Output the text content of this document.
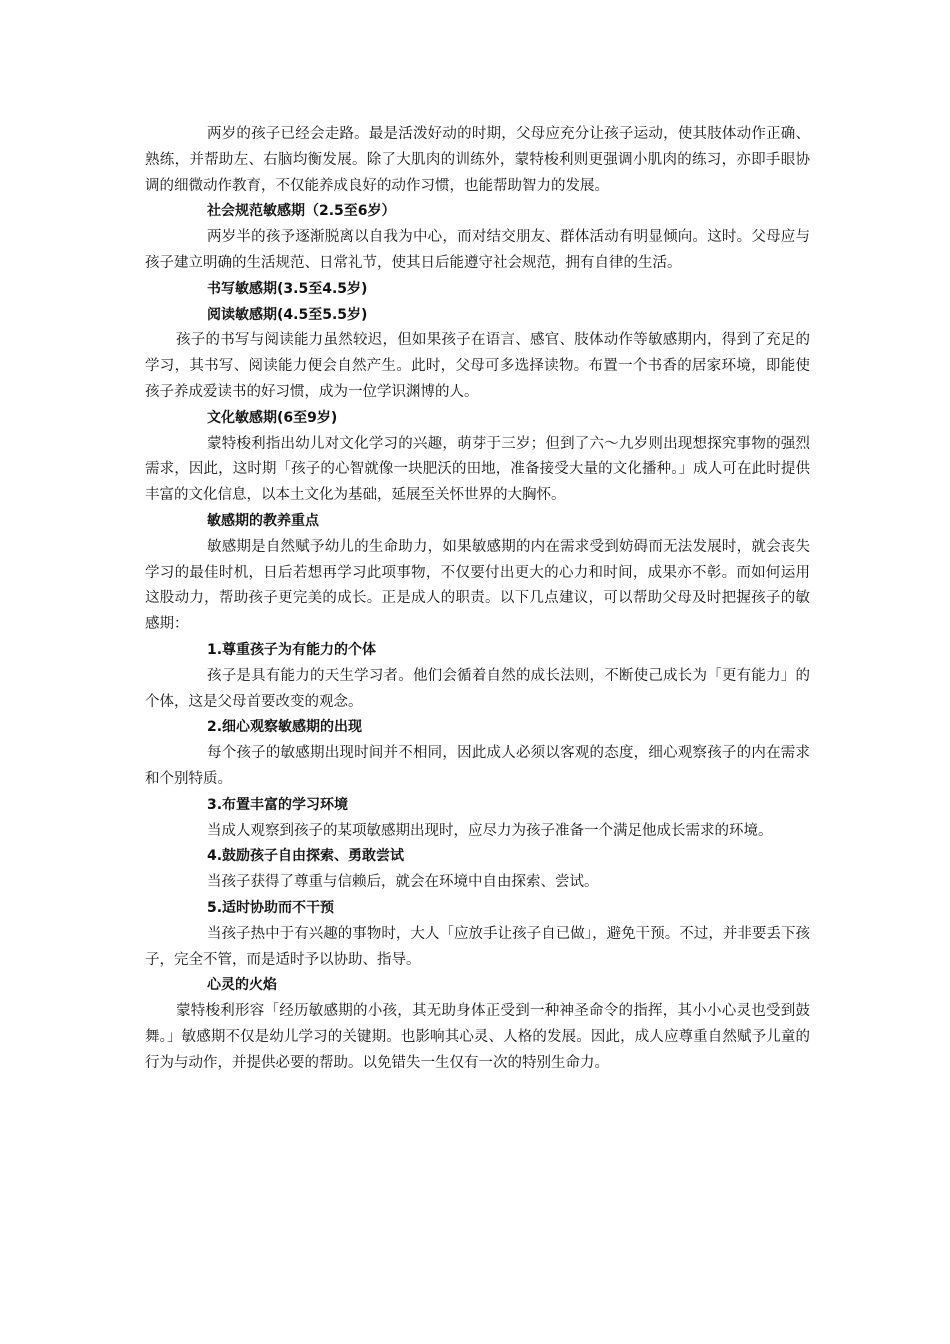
两岁的孩子已经会走路。最是活泼好动的时期，父母应充分让孩子运动，使其肢体动作正确、熟练，并帮助左、右脑均衡发展。除了大肌肉的训练外，蒙特梭利则更强调小肌肉的练习，亦即手眼协调的细微动作教育，不仅能养成良好的动作习惯，也能帮助智力的发展。

社会规范敏感期（2.5至6岁）

两岁半的孩予逐渐脱离以自我为中心，而对结交朋友、群体活动有明显倾向。这时。父母应与孩子建立明确的生活规范、日常礼节，使其日后能遵守社会规范，拥有自律的生活。

书写敏感期(3.5至4.5岁)

阅读敏感期(4.5至5.5岁)

孩子的书写与阅读能力虽然较迟，但如果孩子在语言、感官、肢体动作等敏感期内，得到了充足的学习，其书写、阅读能力便会自然产生。此时，父母可多选择读物。布置一个书香的居家环境，即能使孩子养成爱读书的好习惯，成为一位学识渊博的人。

文化敏感期(6至9岁)

蒙特梭利指出幼儿对文化学习的兴趣，萌芽于三岁；但到了六～九岁则出现想探究事物的强烈需求，因此，这时期「孩子的心智就像一块肥沃的田地，准备接受大量的文化播种。」成人可在此时提供丰富的文化信息，以本土文化为基础，延展至关怀世界的大胸怀。

敏感期的教养重点

敏感期是自然赋予幼儿的生命助力，如果敏感期的内在需求受到妨碍而无法发展时，就会丧失学习的最佳时机，日后若想再学习此项事物，不仅要付出更大的心力和时间，成果亦不彰。而如何运用这股动力，帮助孩子更完美的成长。正是成人的职责。以下几点建议，可以帮助父母及时把握孩子的敏感期：

1.尊重孩子为有能力的个体

孩子是具有能力的天生学习者。他们会循着自然的成长法则，不断使己成长为「更有能力」的个体，这是父母首要改变的观念。

2.细心观察敏感期的出现

每个孩子的敏感期出现时间并不相同，因此成人必须以客观的态度，细心观察孩子的内在需求和个别特质。

3.布置丰富的学习环境

当成人观察到孩子的某项敏感期出现时，应尽力为孩子准备一个满足他成长需求的环境。

4.鼓励孩子自由探索、勇敢尝试

当孩子获得了尊重与信赖后，就会在环境中自由探索、尝试。

5.适时协助而不干预

当孩子热中于有兴趣的事物时，大人「应放手让孩子自已做」，避免干预。不过，并非要丢下孩子，完全不管，而是适时予以协助、指导。

心灵的火焰

蒙特梭利形容「经历敏感期的小孩，其无助身体正受到一种神圣命令的指挥，其小小心灵也受到鼓舞。」敏感期不仅是幼儿学习的关键期。也影响其心灵、人格的发展。因此，成人应尊重自然赋予儿童的行为与动作，并提供必要的帮助。以免错失一生仅有一次的特别生命力。
